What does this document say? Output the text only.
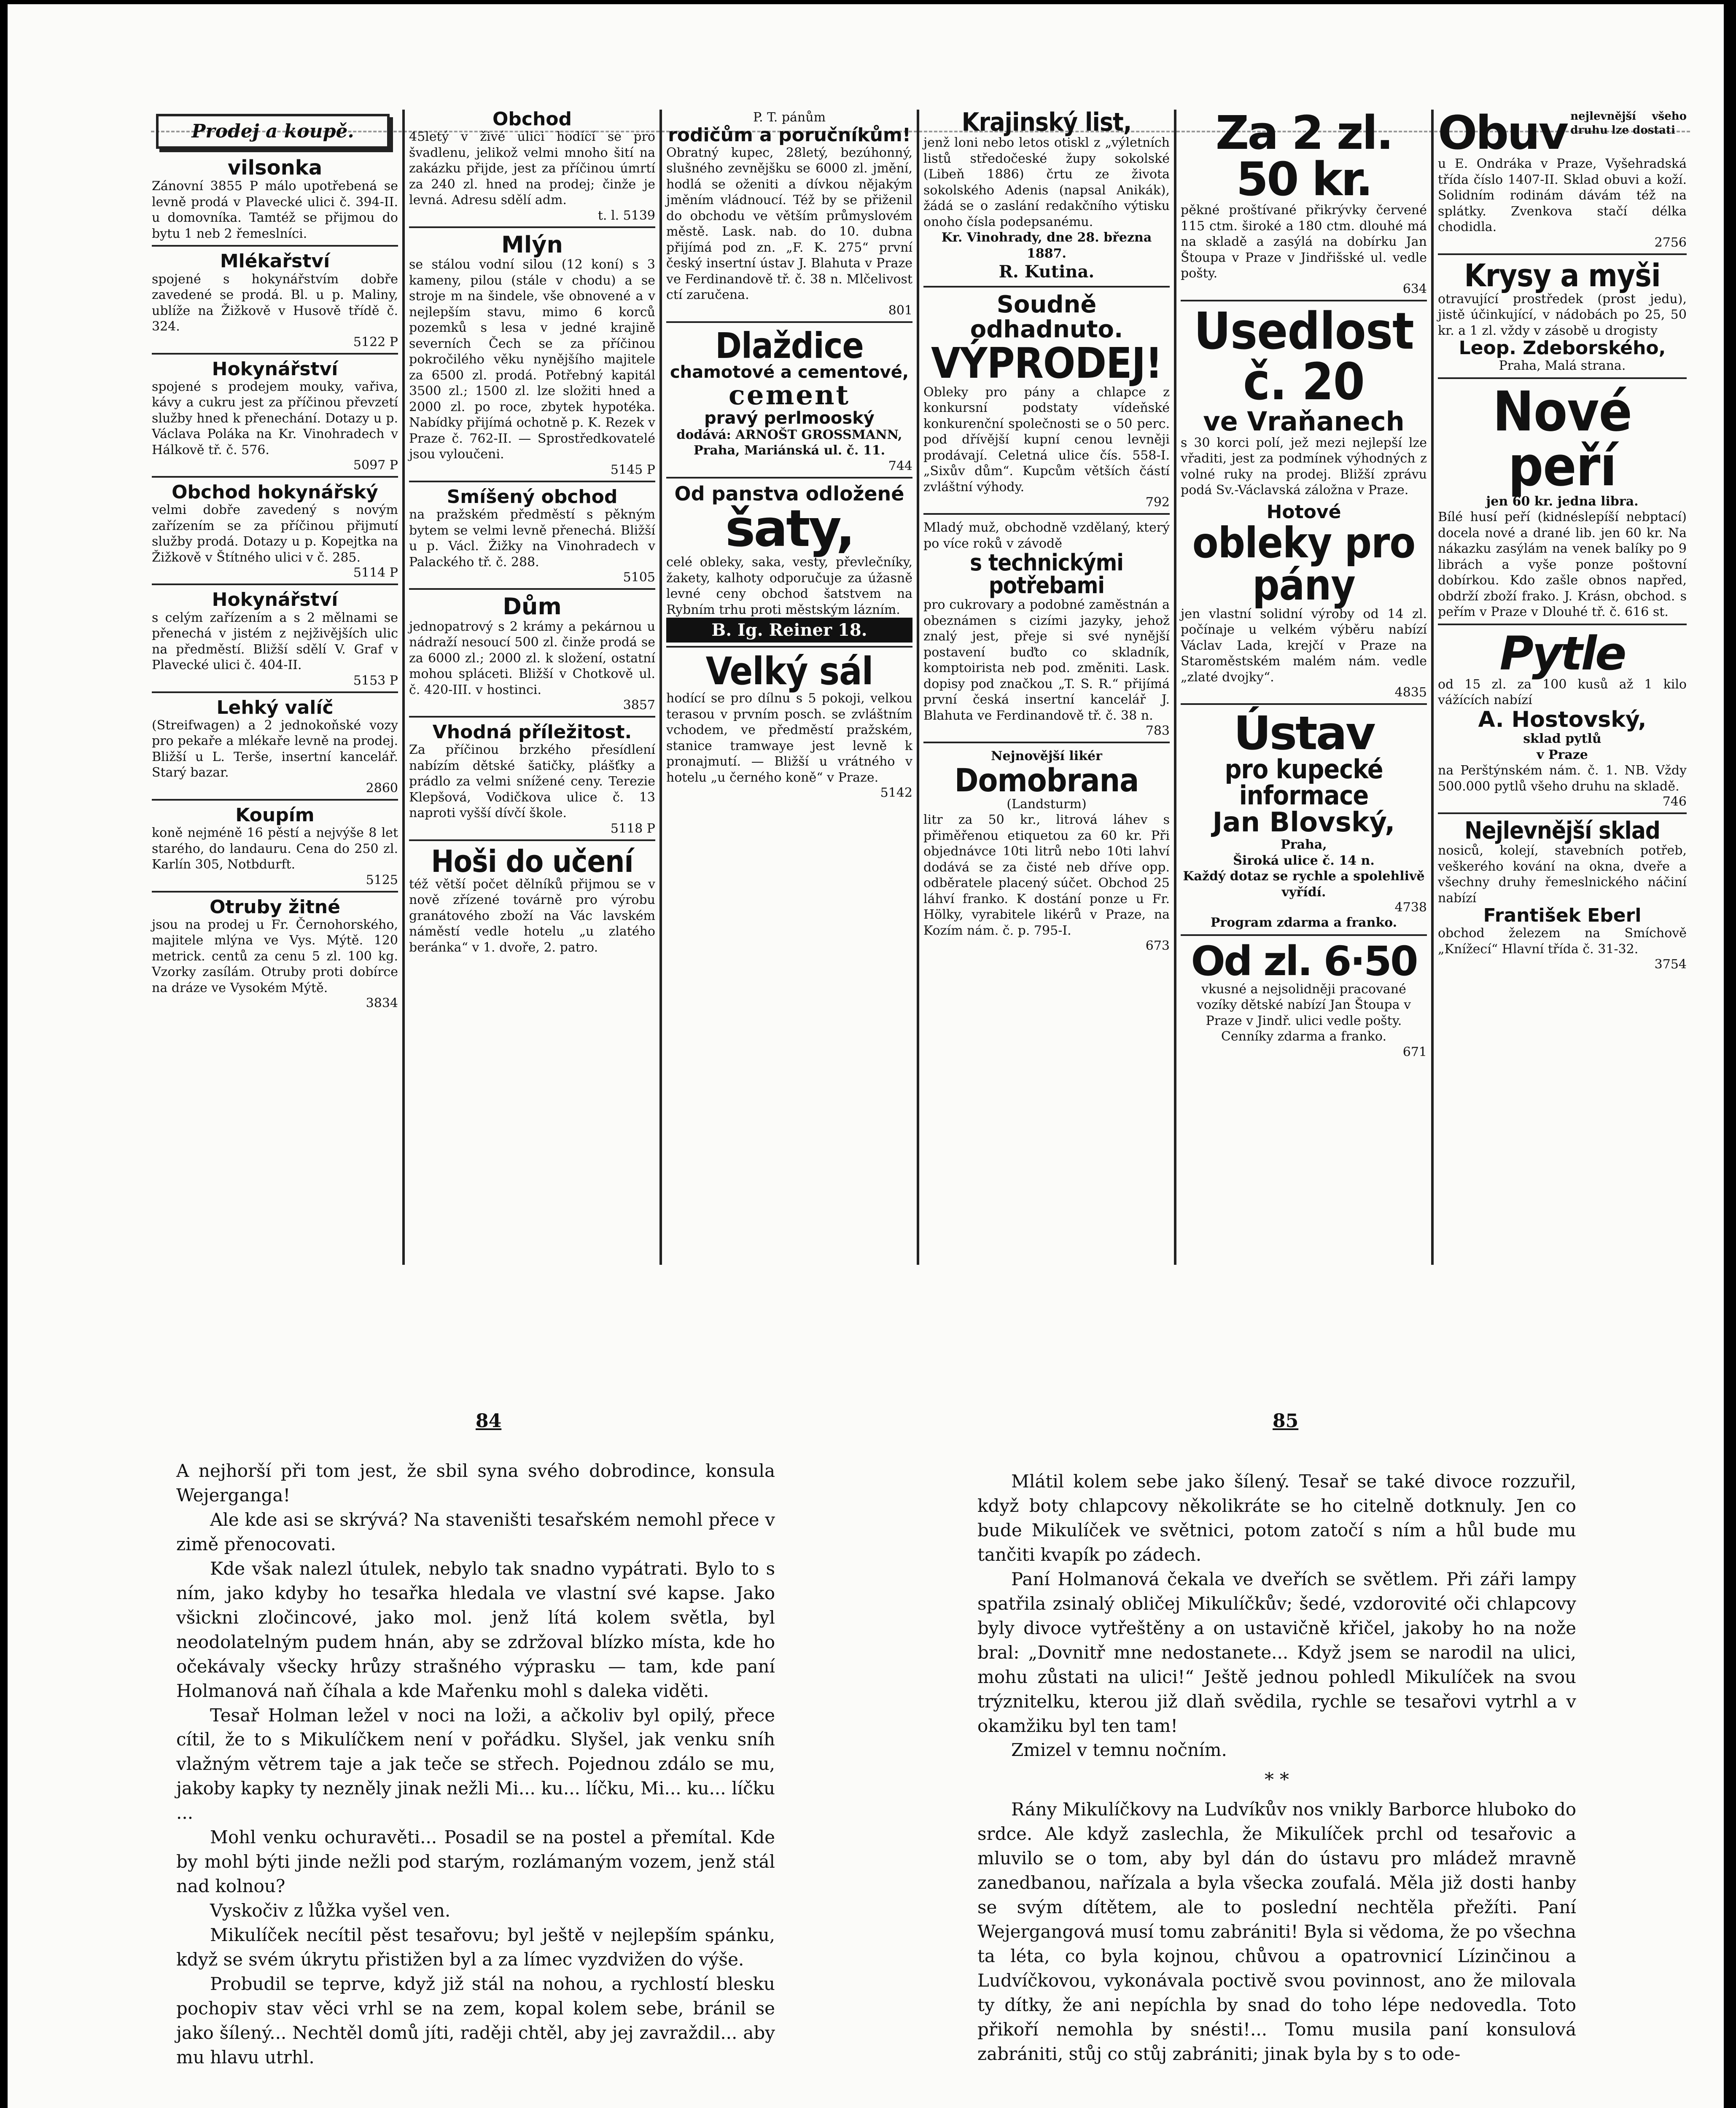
Prodej a koupě.
vilsonka

Zánovní 3855 P málo upotřebená se levně prodá v Plavecké ulici č. 394-II. u domovníka. Tamtéž se přijmou do bytu 1 neb 2 řemeslníci.

Mlékařství

spojené s hokynářstvím dobře zavedené se prodá. Bl. u p. Maliny, ublíže na Žižkově v Husově třídě č. 324.

5122 P

Hokynářství

spojené s prodejem mouky, vařiva, kávy a cukru jest za příčinou převzetí služby hned k přenechání. Dotazy u p. Václava Poláka na Kr. Vinohradech v Hálkově tř. č. 576.

5097 P

Obchod hokynářský

velmi dobře zavedený s novým zařízením se za příčinou přijmutí služby prodá. Dotazy u p. Kopejtka na Žižkově v Štítného ulici v č. 285.

5114 P

Hokynářství

s celým zařízením a s 2 mělnami se přenechá v jistém z nejživějších ulic na předměstí. Bližší sdělí V. Graf v Plavecké ulici č. 404-II.

5153 P

Lehký valíč

(Streifwagen) a 2 jednokoňské vozy pro pekaře a mlékaře levně na prodej. Bližší u L. Terše, insertní kancelář. Starý bazar.

2860

Koupím

koně nejméně 16 pěstí a nejvýše 8 let starého, do landauru. Cena do 250 zl. Karlín 305, Notbdurft.

5125

Otruby žitné

jsou na prodej u Fr. Černohorského, majitele mlýna ve Vys. Mýtě. 120 metrick. centů za cenu 5 zl. 100 kg. Vzorky zasílám. Otruby proti dobírce na dráze ve Vysokém Mýtě.

3834

Obchod

45letý v živé ulici hodící se pro švadlenu, jelikož velmi mnoho šití na zakázku přijde, jest za příčinou úmrtí za 240 zl. hned na prodej; činže je levná. Adresu sdělí adm.

t. l. 5139

Mlýn

se stálou vodní silou (12 koní) s 3 kameny, pilou (stále v chodu) a se stroje m na šindele, vše obnovené a v nejlepším stavu, mimo 6 korců pozemků s lesa v jedné krajině severních Čech se za příčinou pokročilého věku nynějšího majitele za 6500 zl. prodá. Potřebný kapitál 3500 zl.; 1500 zl. lze složiti hned a 2000 zl. po roce, zbytek hypotéka. Nabídky přijímá ochotně p. K. Rezek v Praze č. 762-II. — Sprostředkovatelé jsou vyloučeni.

5145 P

Smíšený obchod

na pražském předměstí s pěkným bytem se velmi levně přenechá. Bližší u p. Václ. Žižky na Vinohradech v Palackého tř. č. 288.

5105

Dům

jednopatrový s 2 krámy a pekárnou u nádraží nesoucí 500 zl. činže prodá se za 6000 zl.; 2000 zl. k složení, ostatní mohou spláceti. Bližší v Chotkově ul. č. 420-III. v hostinci.

3857

Vhodná příležitost.

Za příčinou brzkého přesídlení nabízím dětské šatičky, plášťky a prádlo za velmi snížené ceny. Terezie Klepšová, Vodičkova ulice č. 13 naproti vyšší dívčí škole.

5118 P

Hoši do učení

též větší počet dělníků přijmou se v nově zřízené továrně pro výrobu granátového zboží na Vác lavském náměstí vedle hotelu „u zlatého beránka“ v 1. dvoře, 2. patro.

P. T. pánům

rodičům a poručníkům!

Obratný kupec, 28letý, bezúhonný, slušného zevnějšku se 6000 zl. jmění, hodlá se oženiti a dívkou nějakým jměním vládnoucí. Též by se přiženil do obchodu ve větším průmyslovém městě. Lask. nab. do 10. dubna přijímá pod zn. „F. K. 275“ první český insertní ústav J. Blahuta v Praze ve Ferdinandově tř. č. 38 n. Mlčelivost ctí zaručena.

801

Dlaždice
chamotové a cementové,
cement
pravý perlmooský

dodává: ARNOŠT GROSSMANN, Praha, Mariánská ul. č. 11.

744

Od panstva odložené
šaty,

celé obleky, saka, vesty, převlečníky, žakety, kalhoty odporučuje za úžasně levné ceny obchod šatstvem na Rybním trhu proti městským lázním.

B. Ig. Reiner 18.
Velký sál

hodící se pro dílnu s 5 pokoji, velkou terasou v prvním posch. se zvláštním vchodem, ve předměstí pražském, stanice tramwaye jest levně k pronajmutí. — Bližší u vrátného v hotelu „u černého koně“ v Praze.

5142

Krajinský list,

jenž loni nebo letos otiskl z „výletních listů středočeské župy sokolské (Libeň 1886) črtu ze života sokolského Adenis (napsal Anikák), žádá se o zaslání redakčního výtisku onoho čísla podepsanému.

Kr. Vinohrady, dne 28. března 1887.

R. Kutina.

Soudně odhadnuto.
VÝPRODEJ!

Obleky pro pány a chlapce z konkursní podstaty vídeňské konkurenční společnosti se o 50 perc. pod dřívější kupní cenou levněji prodávají. Celetná ulice čís. 558-I. „Sixův dům“. Kupcům větších částí zvláštní výhody.

792

Mladý muž, obchodně vzdělaný, který po více roků v závodě

s technickými potřebami

pro cukrovary a podobné zaměstnán a obeznámen s cizími jazyky, jehož znalý jest, přeje si své nynější postavení buďto co skladník, komptoirista neb pod. změniti. Lask. dopisy pod značkou „T. S. R.“ přijímá první česká insertní kancelář J. Blahuta ve Ferdinandově tř. č. 38 n.

783

Nejnovější likér

Domobrana

(Landsturm)

litr za 50 kr., litrová láhev s přiměřenou etiquetou za 60 kr. Při objednávce 10ti litrů nebo 10ti lahví dodává se za čisté neb dříve opp. odběratele placený súčet. Obchod 25 láhví franko. K dostání ponze u Fr. Hölky, vyrabitele likérů v Praze, na Kozím nám. č. p. 795-I.

673

Za 2 zl. 50 kr.

pěkné proštívané přikrývky červené 115 ctm. široké a 180 ctm. dlouhé má na skladě a zasýlá na dobírku Jan Štoupa v Praze v Jindřišské ul. vedle pošty.

634

Usedlost č. 20
ve Vraňanech

s 30 korci polí, jež mezi nejlepší lze vřaditi, jest za podmínek výhodných z volné ruky na prodej. Bližší zprávu podá Sv.-Václavská záložna v Praze.

Hotové
obleky pro pány

jen vlastní solidní výroby od 14 zl. počínaje u velkém výběru nabízí Václav Lada, krejčí v Praze na Staroměstském malém nám. vedle „zlaté dvojky“.

4835

Ústav
pro kupecké informace
Jan Blovský,

Praha,

Široká ulice č. 14 n.

Každý dotaz se rychle a spolehlivě vyřídí.

4738

Program zdarma a franko.

Od zl. 6·50

vkusné a nejsolidněji pracované vozíky dětské nabízí Jan Štoupa v Praze v Jindř. ulici vedle pošty. Cenníky zdarma a franko.

671

Obuv nejlevnější všeho druhu lze dostati

u E. Ondráka v Praze, Vyšehradská třída číslo 1407-II. Sklad obuvi a koží. Solidním rodinám dávám též na splátky. Zvenkova stačí délka chodidla.

2756

Krysy a myši

otravující prostředek (prost jedu), jistě účinkující, v nádobách po 25, 50 kr. a 1 zl. vždy v zásobě u drogisty

Leop. Zdeborského,

Praha, Malá strana.

Nové peří

jen 60 kr. jedna libra.

Bílé husí peří (kidnéslepíší nebptací) docela nové a drané lib. jen 60 kr. Na nákazku zasýlám na venek balíky po 9 librách a vyše ponze poštovní dobírkou. Kdo zašle obnos napřed, obdrží zboží frako. J. Krásn, obchod. s peřím v Praze v Dlouhé tř. č. 616 st.

Pytle

od 15 zl. za 100 kusů až 1 kilo vážících nabízí

A. Hostovský,

sklad pytlů

v Praze

na Perštýnském nám. č. 1. NB. Vždy 500.000 pytlů všeho druhu na skladě.

746

Nejlevnější sklad

nosiců, kolejí, stavebních potřeb, veškerého kování na okna, dveře a všechny druhy řemeslnického náčiní nabízí

František Eberl

obchod železem na Smíchově „Knížecí“ Hlavní třída č. 31-32.

3754

84	85

A nejhorší při tom jest, že sbil syna svého dobrodince, konsula Wejerganga!

Ale kde asi se skrývá? Na staveništi tesařském nemohl přece v zimě přenocovati.

Kde však nalezl útulek, nebylo tak snadno vypátrati. Bylo to s ním, jako kdyby ho tesařka hledala ve vlastní své kapse. Jako všickni zločincové, jako mol. jenž lítá kolem světla, byl neodolatelným pudem hnán, aby se zdržoval blízko místa, kde ho očekávaly všecky hrůzy strašného výprasku — tam, kde paní Holmanová naň číhala a kde Mařenku mohl s daleka viděti.

Tesař Holman ležel v noci na loži, a ačkoliv byl opilý, přece cítil, že to s Mikulíčkem není v pořádku. Slyšel, jak venku sníh vlažným větrem taje a jak teče se střech. Pojednou zdálo se mu, jakoby kapky ty nezněly jinak nežli Mi... ku... líčku, Mi... ku... líčku ...

Mohl venku ochuravěti... Posadil se na postel a přemítal. Kde by mohl býti jinde nežli pod starým, rozlámaným vozem, jenž stál nad kolnou?

Vyskočiv z lůžka vyšel ven.

Mikulíček necítil pěst tesařovu; byl ještě v nejlepším spánku, když se svém úkrytu přistižen byl a za límec vyzdvižen do výše.

Probudil se teprve, když již stál na nohou, a rychlostí blesku pochopiv stav věci vrhl se na zem, kopal kolem sebe, bránil se jako šílený... Nechtěl domů jíti, raději chtěl, aby jej zavraždil... aby mu hlavu utrhl.

Mlátil kolem sebe jako šílený. Tesař se také divoce rozzuřil, když boty chlapcovy několikráte se ho citelně dotknuly. Jen co bude Mikulíček ve světnici, potom zatočí s ním a hůl bude mu tančiti kvapík po zádech.

Paní Holmanová čekala ve dveřích se světlem. Při záři lampy spatřila zsinalý obličej Mikulíčkův; šedé, vzdorovité oči chlapcovy byly divoce vytřeštěny a on ustavičně křičel, jakoby ho na nože bral: „Dovnitř mne nedostanete... Když jsem se narodil na ulici, mohu zůstati na ulici!“ Ještě jednou pohledl Mikulíček na svou trýznitelku, kterou již dlaň svědila, rychle se tesařovi vytrhl a v okamžiku byl ten tam!

Zmizel v temnu nočním.

* *

Rány Mikulíčkovy na Ludvíkův nos vnikly Barborce hluboko do srdce. Ale když zaslechla, že Mikulíček prchl od tesařovic a mluvilo se o tom, aby byl dán do ústavu pro mládež mravně zanedbanou, nařízala a byla všecka zoufalá. Měla již dosti hanby se svým dítětem, ale to poslední nechtěla přežíti. Paní Wejergangová musí tomu zabrániti! Byla si vědoma, že po všechna ta léta, co byla kojnou, chůvou a opatrovnicí Lízinčinou a Ludvíčkovou, vykonávala poctivě svou povinnost, ano že milovala ty dítky, že ani nepíchla by snad do toho lépe nedovedla. Toto přikoří nemohla by snésti!... Tomu musila paní konsulová zabrániti, stůj co stůj zabrániti; jinak byla by s to ode-
